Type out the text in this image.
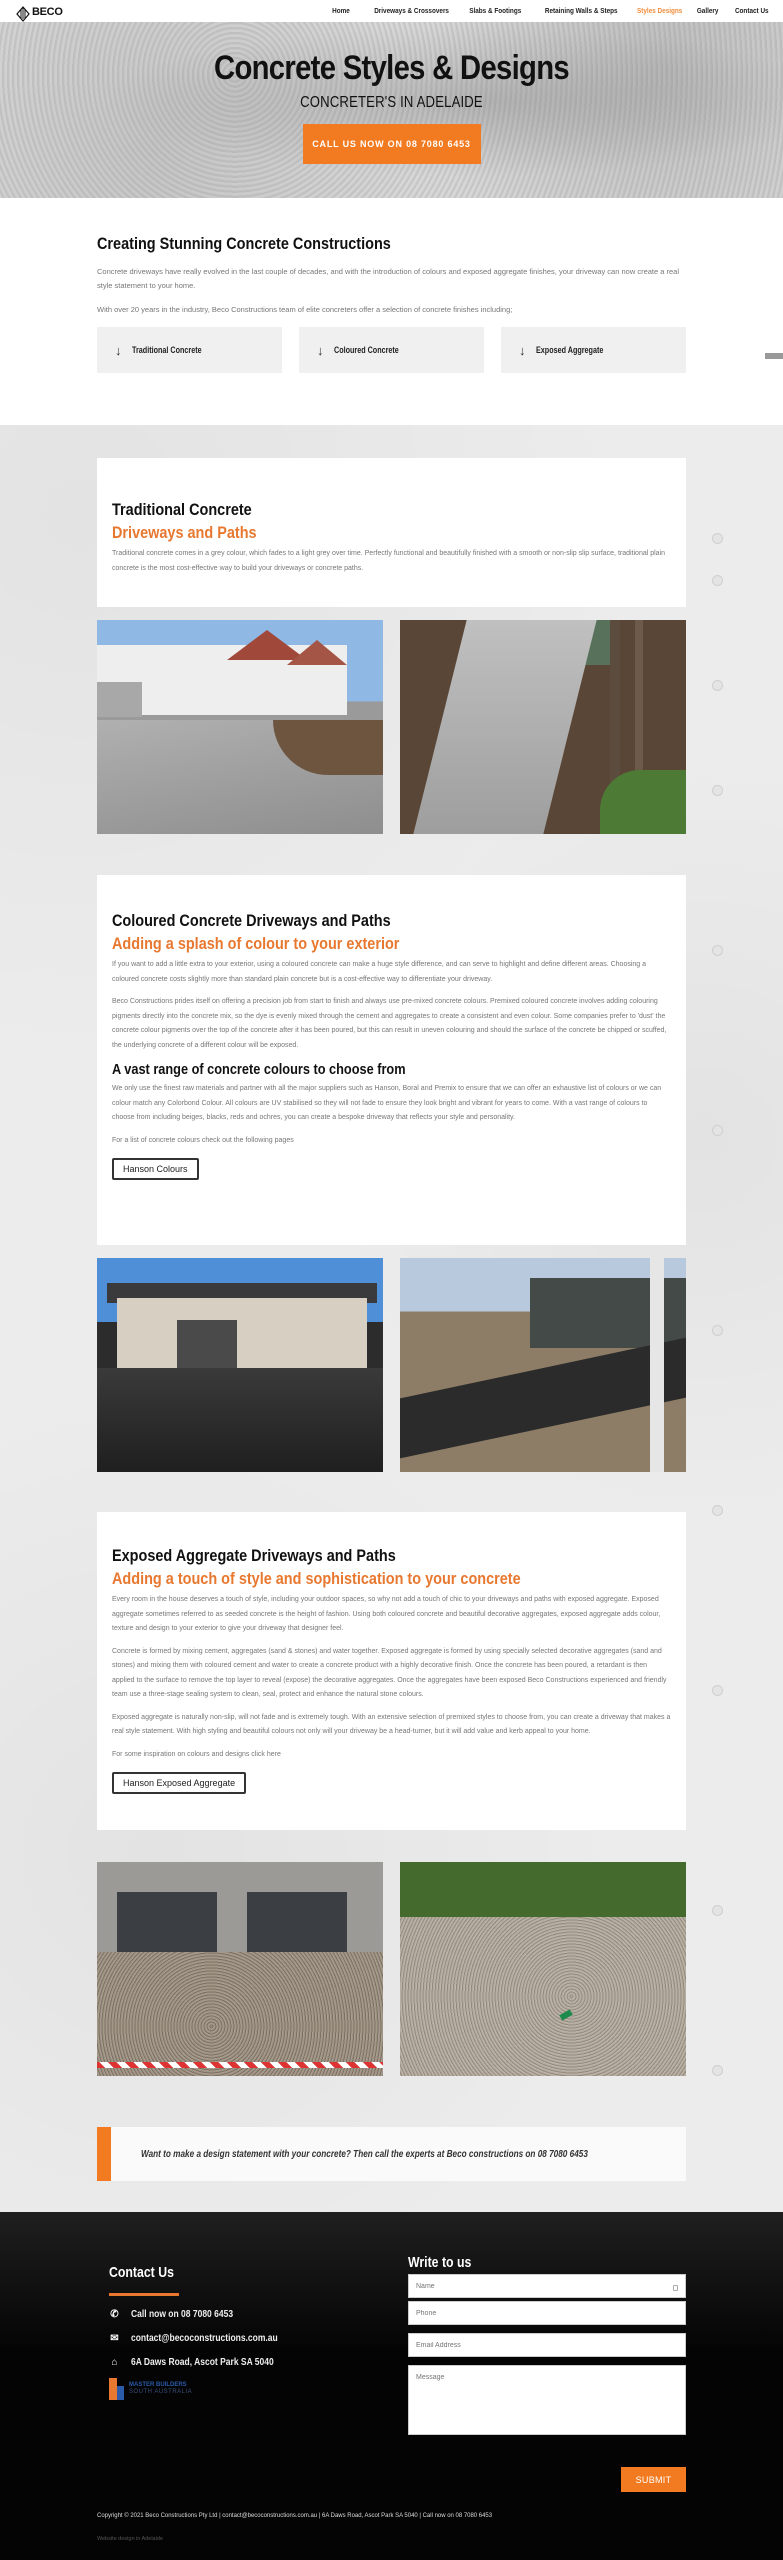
BECO	Home	Driveways & Crossovers	Slabs & Footings	Retaining Walls & Steps	Styles Designs Gallery Contact Us
Concrete Styles & Designs
CONCRETER'S IN ADELAIDE
CALL US NOW ON 08 7080 6453
Creating Stunning Concrete Constructions

Concrete driveways have really evolved in the last couple of decades, and with the introduction of colours and exposed aggregate finishes, your driveway can now create a real style statement to your home.

With over 20 years in the industry, Beco Constructions team of elite concreters offer a selection of concrete finishes including;

↓ Traditional Concrete	↓ Coloured Concrete	↓ Exposed Aggregate
Traditional Concrete
Driveways and Paths

Traditional concrete comes in a grey colour, which fades to a light grey over time. Perfectly functional and beautifully finished with a smooth or non-slip slip surface, traditional plain concrete is the most cost-effective way to build your driveways or concrete paths.

Coloured Concrete Driveways and Paths
Adding a splash of colour to your exterior

If you want to add a little extra to your exterior, using a coloured concrete can make a huge style difference, and can serve to highlight and define different areas. Choosing a coloured concrete costs slightly more than standard plain concrete but is a cost-effective way to differentiate your driveway.

Beco Constructions prides itself on offering a precision job from start to finish and always use pre-mixed concrete colours. Premixed coloured concrete involves adding colouring pigments directly into the concrete mix, so the dye is evenly mixed through the cement and aggregates to create a consistent and even colour. Some companies prefer to 'dust' the concrete colour pigments over the top of the concrete after it has been poured, but this can result in uneven colouring and should the surface of the concrete be chipped or scuffed, the underlying concrete of a different colour will be exposed.

A vast range of concrete colours to choose from

We only use the finest raw materials and partner with all the major suppliers such as Hanson, Boral and Premix to ensure that we can offer an exhaustive list of colours or we can colour match any Colorbond Colour. All colours are UV stabilised so they will not fade to ensure they look bright and vibrant for years to come. With a vast range of colours to choose from including beiges, blacks, reds and ochres, you can create a bespoke driveway that reflects your style and personality.

For a list of concrete colours check out the following pages

Hanson Colours
Exposed Aggregate Driveways and Paths
Adding a touch of style and sophistication to your concrete

Every room in the house deserves a touch of style, including your outdoor spaces, so why not add a touch of chic to your driveways and paths with exposed aggregate. Exposed aggregate sometimes referred to as seeded concrete is the height of fashion. Using both coloured concrete and beautiful decorative aggregates, exposed aggregate adds colour, texture and design to your exterior to give your driveway that designer feel.

Concrete is formed by mixing cement, aggregates (sand & stones) and water together. Exposed aggregate is formed by using specially selected decorative aggregates (sand and stones) and mixing them with coloured cement and water to create a concrete product with a highly decorative finish. Once the concrete has been poured, a retardant is then applied to the surface to remove the top layer to reveal (expose) the decorative aggregates. Once the aggregates have been exposed Beco Constructions experienced and friendly team use a three-stage sealing system to clean, seal, protect and enhance the natural stone colours.

Exposed aggregate is naturally non-slip, will not fade and is extremely tough. With an extensive selection of premixed styles to choose from, you can create a driveway that makes a real style statement. With high styling and beautiful colours not only will your driveway be a head-turner, but it will add value and kerb appeal to your home.

For some inspiration on colours and designs click here

Hanson Exposed Aggregate
Want to make a design statement with your concrete? Then call the experts at Beco constructions on 08 7080 6453
Contact Us
✆ Call now on 08 7080 6453
✉ contact@becoconstructions.com.au
⌂ 6A Daws Road, Ascot Park SA 5040
MASTER BUILDERS
SOUTH AUSTRALIA
Write to us
Name
Phone
Email Address
Message
SUBMIT
Copyright © 2021 Beco Constructions Pty Ltd | contact@becoconstructions.com.au | 6A Daws Road, Ascot Park SA 5040 | Call now on 08 7080 6453
Website design in Adelaide
